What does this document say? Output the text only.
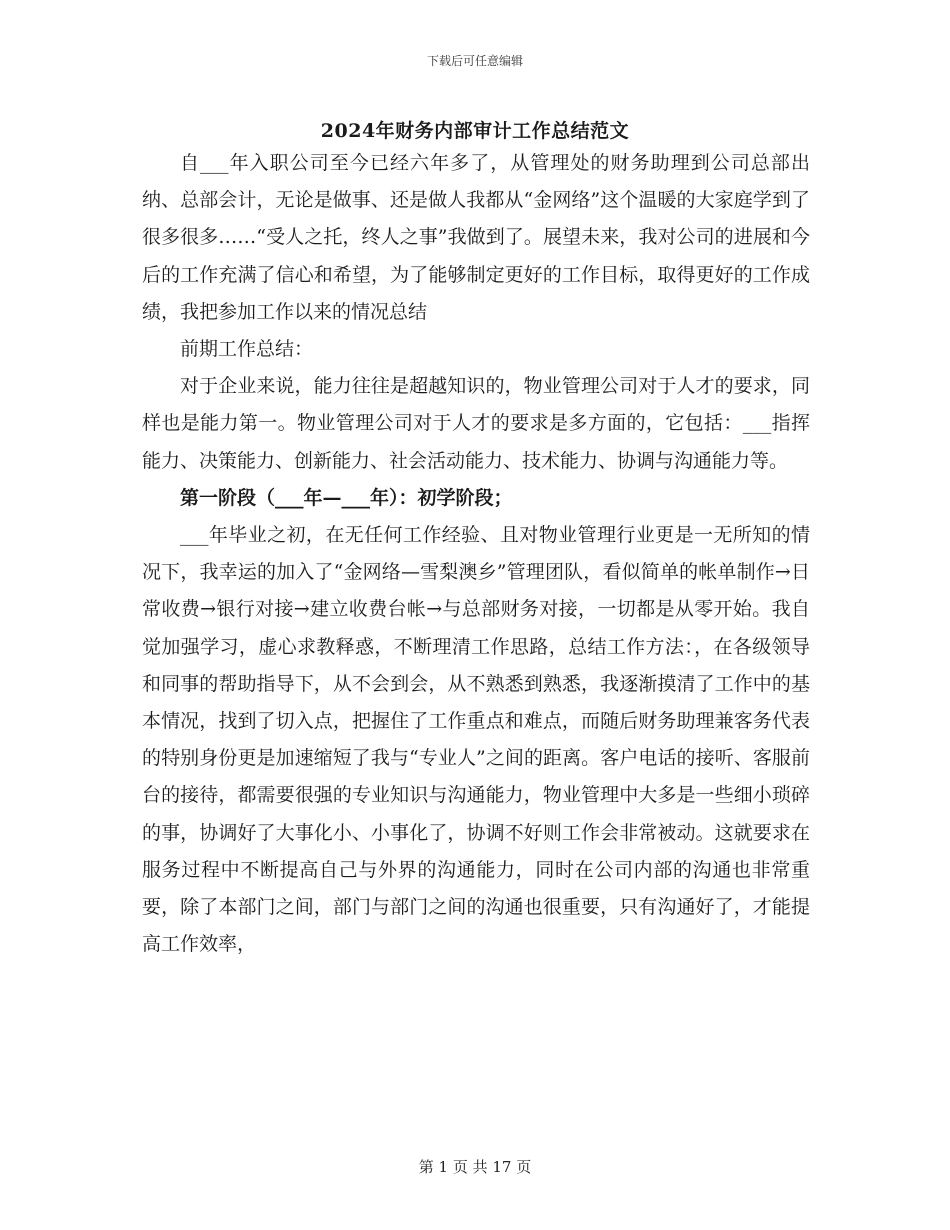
下载后可任意编辑
2024年财务内部审计工作总结范文

自___年入职公司至今已经六年多了，从管理处的财务助理到公司总部出纳、总部会计，无论是做事、还是做人我都从“金网络”这个温暖的大家庭学到了很多很多……“受人之托，终人之事”我做到了。展望未来，我对公司的进展和今后的工作充满了信心和希望，为了能够制定更好的工作目标，取得更好的工作成绩，我把参加工作以来的情况总结

前期工作总结：

对于企业来说，能力往往是超越知识的，物业管理公司对于人才的要求，同样也是能力第一。物业管理公司对于人才的要求是多方面的，它包括：___指挥能力、决策能力、创新能力、社会活动能力、技术能力、协调与沟通能力等。

第一阶段（___年—___年）：初学阶段；

___年毕业之初，在无任何工作经验、且对物业管理行业更是一无所知的情况下，我幸运的加入了“金网络—雪梨澳乡”管理团队，看似简单的帐单制作→日常收费→银行对接→建立收费台帐→与总部财务对接，一切都是从零开始。我自觉加强学习，虚心求教释惑，不断理清工作思路，总结工作方法：，在各级领导和同事的帮助指导下，从不会到会，从不熟悉到熟悉，我逐渐摸清了工作中的基本情况，找到了切入点，把握住了工作重点和难点，而随后财务助理兼客务代表的特别身份更是加速缩短了我与“专业人”之间的距离。客户电话的接听、客服前台的接待，都需要很强的专业知识与沟通能力，物业管理中大多是一些细小琐碎的事，协调好了大事化小、小事化了，协调不好则工作会非常被动。这就要求在服务过程中不断提高自己与外界的沟通能力，同时在公司内部的沟通也非常重要，除了本部门之间，部门与部门之间的沟通也很重要，只有沟通好了，才能提高工作效率，

第 1 页 共 17 页
